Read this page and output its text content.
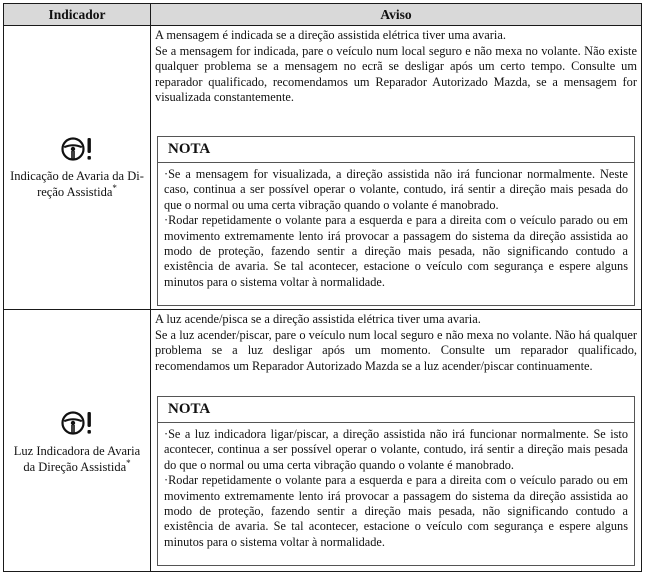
Indicador	Aviso
Indicação de Avaria da Di-
reção Assistida*

A mensagem é indicada se a direção assistida elétrica tiver uma avaria.

Se a mensagem for indicada, pare o veículo num local seguro e não mexa no volante. Não existe qualquer problema se a mensagem no ecrã se desligar após um certo tempo. Consulte um reparador qualificado, recomendamos um Reparador Autorizado Mazda, se a mensagem for visualizada constantemente.

NOTA

·Se a mensagem for visualizada, a direção assistida não irá funcionar normalmente. Neste caso, continua a ser possível operar o volante, contudo, irá sentir a direção mais pesada do que o normal ou uma certa vibração quando o volante é manobrado.

·Rodar repetidamente o volante para a esquerda e para a direita com o veículo parado ou em movimento extremamente lento irá provocar a passagem do sistema da direção assistida ao modo de proteção, fazendo sentir a direção mais pesada, não significando contudo a existência de avaria. Se tal acontecer, estacione o veículo com segurança e espere alguns minutos para o sistema voltar à normalidade.

Luz Indicadora de Avaria
da Direção Assistida*

A luz acende/pisca se a direção assistida elétrica tiver uma avaria.

Se a luz acender/piscar, pare o veículo num local seguro e não mexa no volante. Não há qualquer problema se a luz desligar após um momento. Consulte um reparador qualificado, recomendamos um Reparador Autorizado Mazda se a luz acender/piscar continuamente.

NOTA

·Se a luz indicadora ligar/piscar, a direção assistida não irá funcionar normalmente. Se isto acontecer, continua a ser possível operar o volante, contudo, irá sentir a direção mais pesada do que o normal ou uma certa vibração quando o volante é manobrado.

·Rodar repetidamente o volante para a esquerda e para a direita com o veículo parado ou em movimento extremamente lento irá provocar a passagem do sistema da direção assistida ao modo de proteção, fazendo sentir a direção mais pesada, não significando contudo a existência de avaria. Se tal acontecer, estacione o veículo com segurança e espere alguns minutos para o sistema voltar à normalidade.
